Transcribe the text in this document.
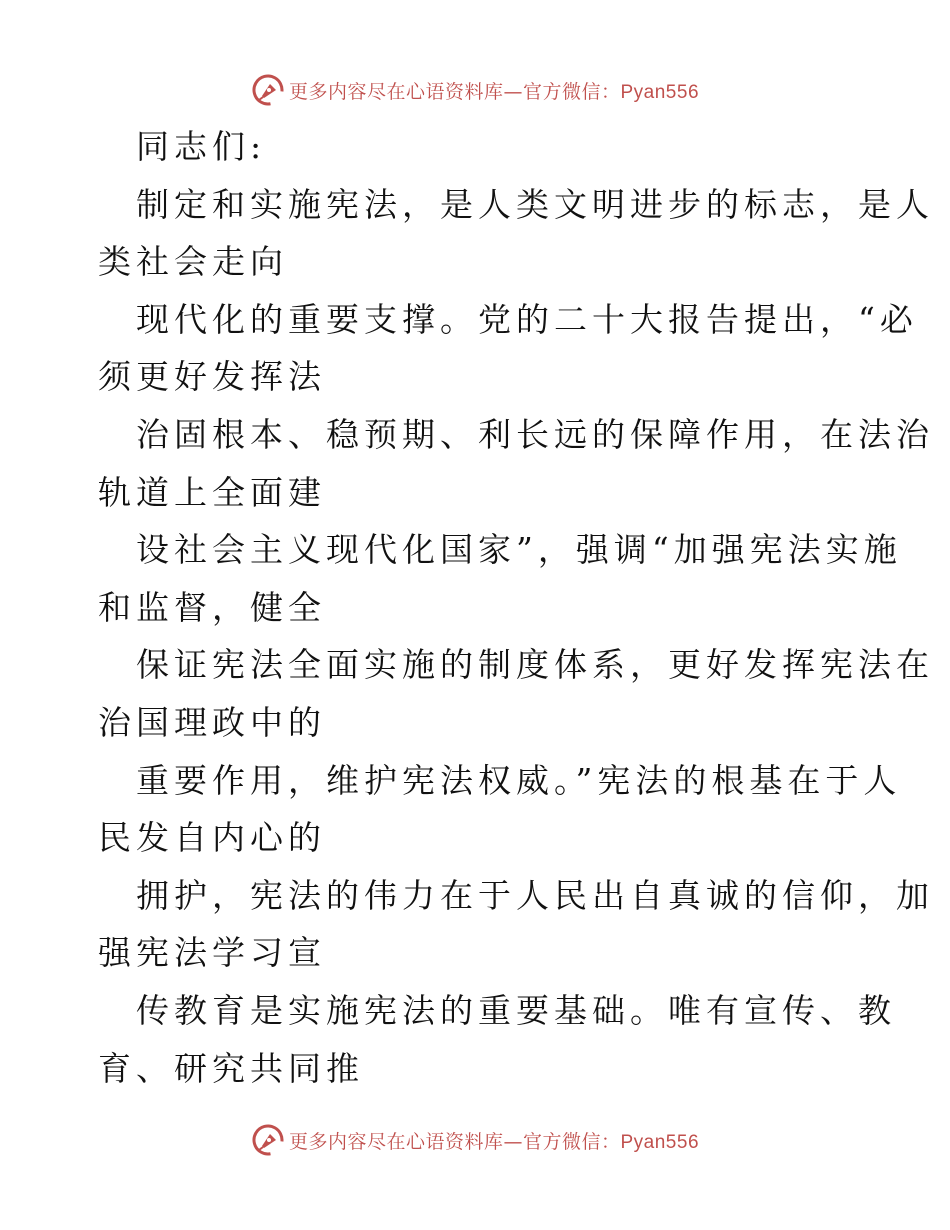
更多内容尽在心语资料库—官方微信：Pyan556
同志们:
制定和实施宪法，是人类文明进步的标志，是人
类社会走向
现代化的重要支撑。党的二十大报告提出，“必
须更好发挥法
治固根本、稳预期、利长远的保障作用，在法治
轨道上全面建
设社会主义现代化国家”，强调“加强宪法实施
和监督，健全
保证宪法全面实施的制度体系，更好发挥宪法在
治国理政中的
重要作用，维护宪法权威。”宪法的根基在于人
民发自内心的
拥护，宪法的伟力在于人民出自真诚的信仰，加
强宪法学习宣
传教育是实施宪法的重要基础。唯有宣传、教
育、研究共同推
更多内容尽在心语资料库—官方微信：Pyan556
